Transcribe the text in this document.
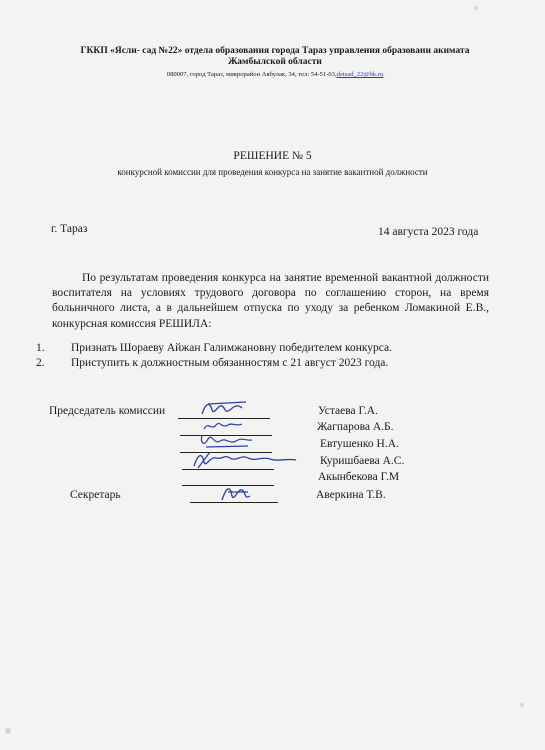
ГККП «Ясли- сад №22» отдела образования города Тараз управления образовани акимата
Жамбылской области
080007, город Тараз, микрорайон Аябулак, 34, тел: 54-51-03,detsad_22@bk.ru
РЕШЕНИЕ № 5
конкурсной комиссии для проведения конкурса на занятие вакантной должности
г. Тараз	14 августа 2023 года

По результатам проведения конкурса на занятие временной вакантной должности воспитателя на условиях трудового договора по соглашению сторон, на время больничного листа, а в дальнейшем отпуска по уходу за ребенком Ломакиной Е.В., конкурсная комиссия РЕШИЛА:

1. Признать Шораеву Айжан Галимжановну победителем конкурса.
2. Приступить к должностным обязанностям с 21 август 2023 года.
Председатель комиссии
Секретарь
Устаева Г.А.
Жагпарова А.Б.
Евтушенко Н.А.
Куришбаева А.С.
Акынбекова Г.М
Аверкина Т.В.
